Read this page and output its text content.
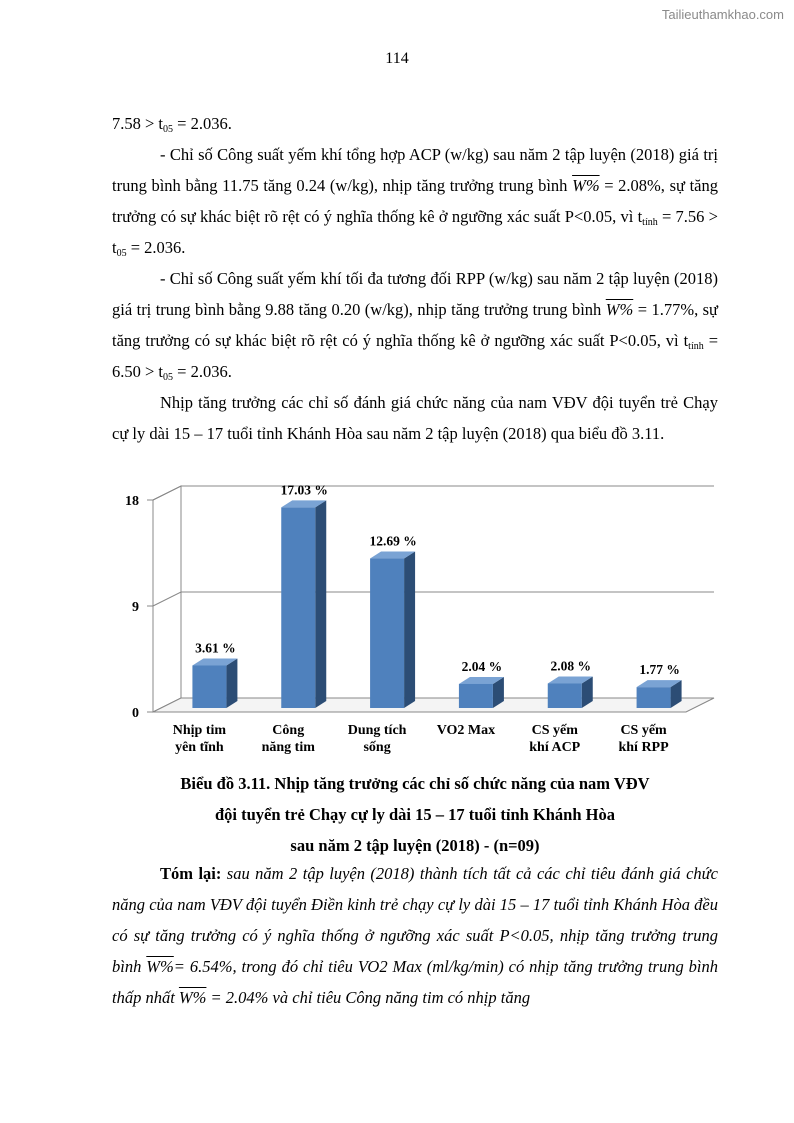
Tailieuthamkhao.com
114

$7.58 > t_{05} = 2.036$.

- Chỉ số Công suất yếm khí tổng hợp ACP (w/kg) sau năm 2 tập luyện (2018) giá trị trung bình bằng 11.75 tăng 0.24 (w/kg), nhịp tăng trưởng trung bình W% = 2.08%, sự tăng trưởng có sự khác biệt rõ rệt có ý nghĩa thống kê ở ngưỡng xác suất P<0.05, vì $t_{tính} = 7.56 > t_{05} = 2.036$.

- Chỉ số Công suất yếm khí tối đa tương đối RPP (w/kg) sau năm 2 tập luyện (2018) giá trị trung bình bằng 9.88 tăng 0.20 (w/kg), nhịp tăng trưởng trung bình W% = 1.77%, sự tăng trưởng có sự khác biệt rõ rệt có ý nghĩa thống kê ở ngưỡng xác suất P<0.05, vì $t_{tính} = 6.50 > t_{05} = 2.036$.

Nhịp tăng trưởng các chỉ số đánh giá chức năng của nam VĐV đội tuyển trẻ Chạy cự ly dài 15 – 17 tuổi tỉnh Khánh Hòa sau năm 2 tập luyện (2018) qua biểu đồ 3.11.

0
9
18
3.61 %
Nhịp tim
yên tĩnh
17.03 %
Công
năng tim
12.69 %
Dung tích
sống
2.04 %
VO2 Max
2.08 %
CS yếm
khí ACP
1.77 %
CS yếm
khí RPP
Biểu đồ 3.11. Nhịp tăng trưởng các chỉ số chức năng của nam VĐV
đội tuyển trẻ Chạy cự ly dài 15 – 17 tuổi tỉnh Khánh Hòa
sau năm 2 tập luyện (2018) - (n=09)
Tóm lại: sau năm 2 tập luyện (2018) thành tích tất cả các chỉ tiêu đánh giá chức năng của nam VĐV đội tuyển Điền kinh trẻ chạy cự ly dài 15 – 17 tuổi tỉnh Khánh Hòa đều có sự tăng trưởng có ý nghĩa thống ở ngưỡng xác suất P<0.05, nhịp tăng trưởng trung bình W%= 6.54%, trong đó chỉ tiêu VO2 Max (ml/kg/min) có nhịp tăng trưởng trung bình thấp nhất W% = 2.04% và chỉ tiêu Công năng tim có nhịp tăng
